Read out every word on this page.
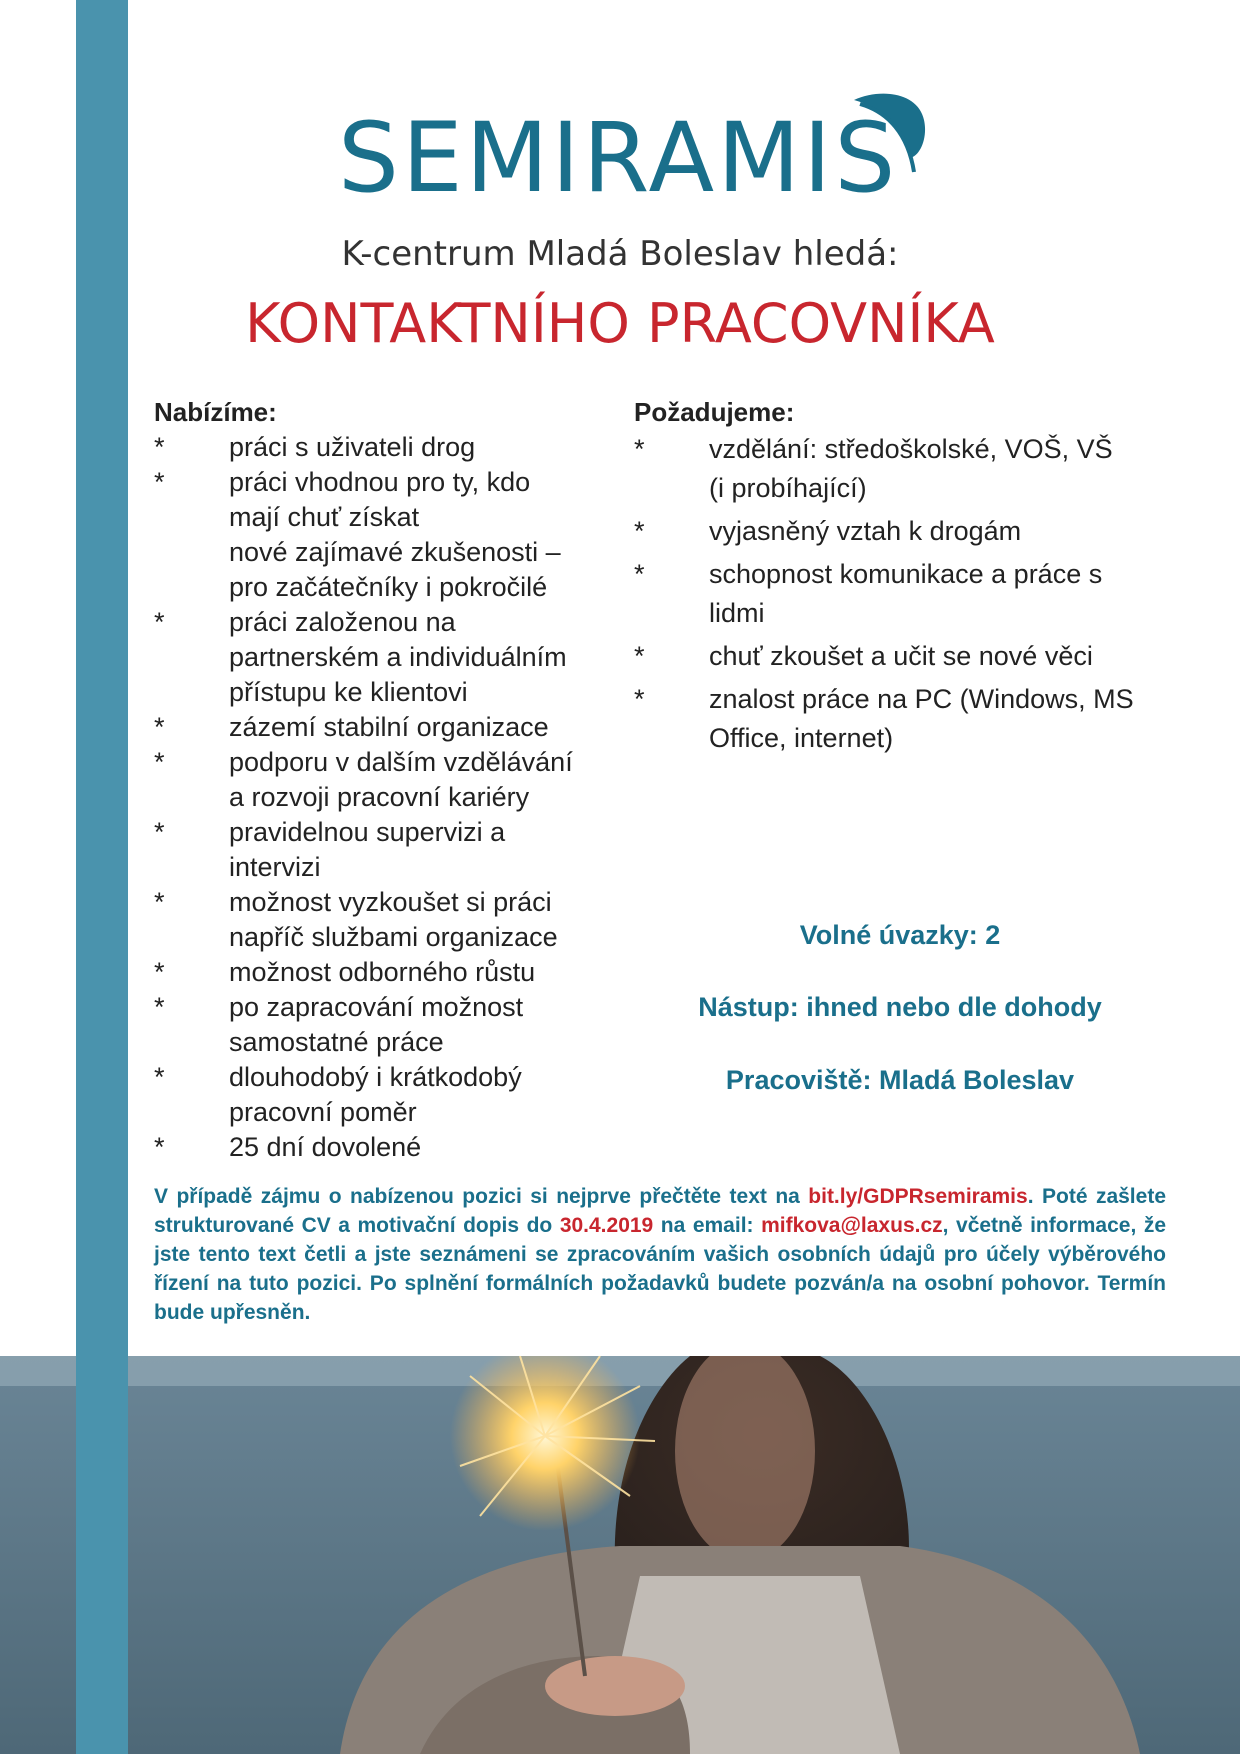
SEMIRAMIS
K-centrum Mladá Boleslav hledá:
KONTAKTNÍHO PRACOVNÍKA
Nabízíme:
* práci s uživateli drog
* práci vhodnou pro ty, kdo
mají chuť získat
nové zajímavé zkušenosti –
pro začátečníky i pokročilé
* práci založenou na
partnerském a individuálním
přístupu ke klientovi
* zázemí stabilní organizace
* podporu v dalším vzdělávání
a rozvoji pracovní kariéry
* pravidelnou supervizi a
intervizi
* možnost vyzkoušet si práci
napříč službami organizace
* možnost odborného růstu
* po zapracování možnost
samostatné práce
* dlouhodobý i krátkodobý
pracovní poměr
* 25 dní dovolené
Požadujeme:
* vzdělání: středoškolské, VOŠ, VŠ
(i probíhající)
* vyjasněný vztah k drogám
* schopnost komunikace a práce s
lidmi
* chuť zkoušet a učit se nové věci
* znalost práce na PC (Windows, MS
Office, internet)
Volné úvazky: 2
Nástup: ihned nebo dle dohody
Pracoviště: Mladá Boleslav
V případě zájmu o nabízenou pozici si nejprve přečtěte text na bit.ly/GDPRsemiramis. Poté zašlete strukturované CV a motivační dopis do 30.4.2019 na email: mifkova@laxus.cz, včetně informace, že jste tento text četli a jste seznámeni se zpracováním vašich osobních údajů pro účely výběrového řízení na tuto pozici. Po splnění formálních požadavků budete pozván/a na osobní pohovor. Termín bude upřesněn.
